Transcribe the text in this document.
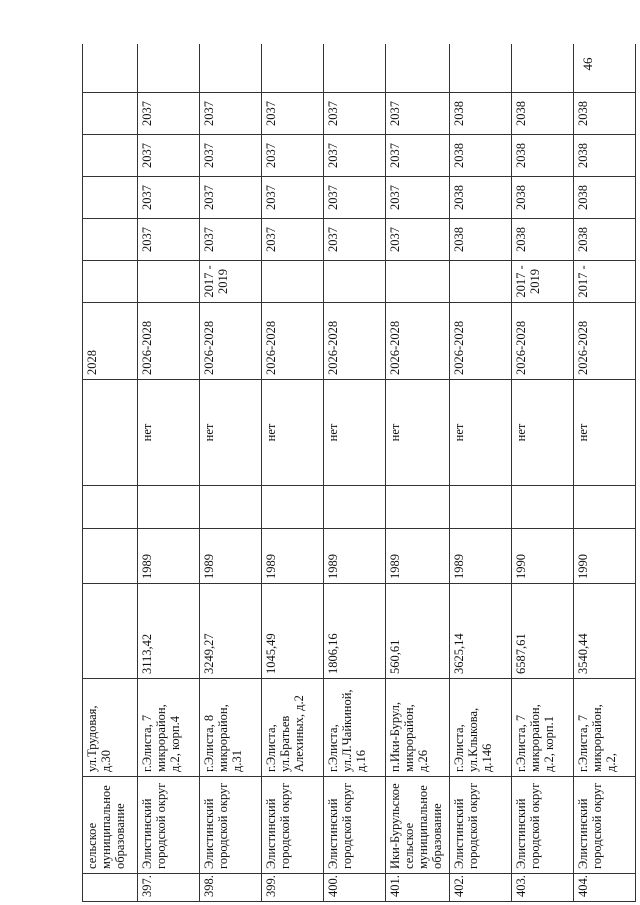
46
	сельское муниципальное образование	ул.Трудовая, д.30					2028						
397.	Элистинский городской округ	г.Элиста, 7 микрорайон, д.2, корп.4	3113,42	1989		нет	2026-2028		2037	2037	2037	2037	
398.	Элистинский городской округ	г.Элиста, 8 микрорайон, д.31	3249,27	1989		нет	2026-2028	2017 - 2019	2037	2037	2037	2037	
399.	Элистинский городской округ	г.Элиста, ул.Братьев Алехиных, д.2	1045,49	1989		нет	2026-2028		2037	2037	2037	2037	
400.	Элистинский городской округ	г.Элиста, ул.Л.Чайкиной, д.16	1806,16	1989		нет	2026-2028		2037	2037	2037	2037	
401.	Ики-Бурульское сельское муниципальное образование	п.Ики-Бурул, микрорайон, д.26	560,61	1989		нет	2026-2028		2037	2037	2037	2037	
402.	Элистинский городской округ	г.Элиста, ул.Клыкова, д.146	3625,14	1989		нет	2026-2028		2038	2038	2038	2038	
403.	Элистинский городской округ	г.Элиста, 7 микрорайон, д.2, корп.1	6587,61	1990		нет	2026-2028	2017 - 2019	2038	2038	2038	2038	
404.	Элистинский городской округ	г.Элиста, 7 микрорайон, д.2,	3540,44	1990		нет	2026-2028	2017 -	2038	2038	2038	2038	
